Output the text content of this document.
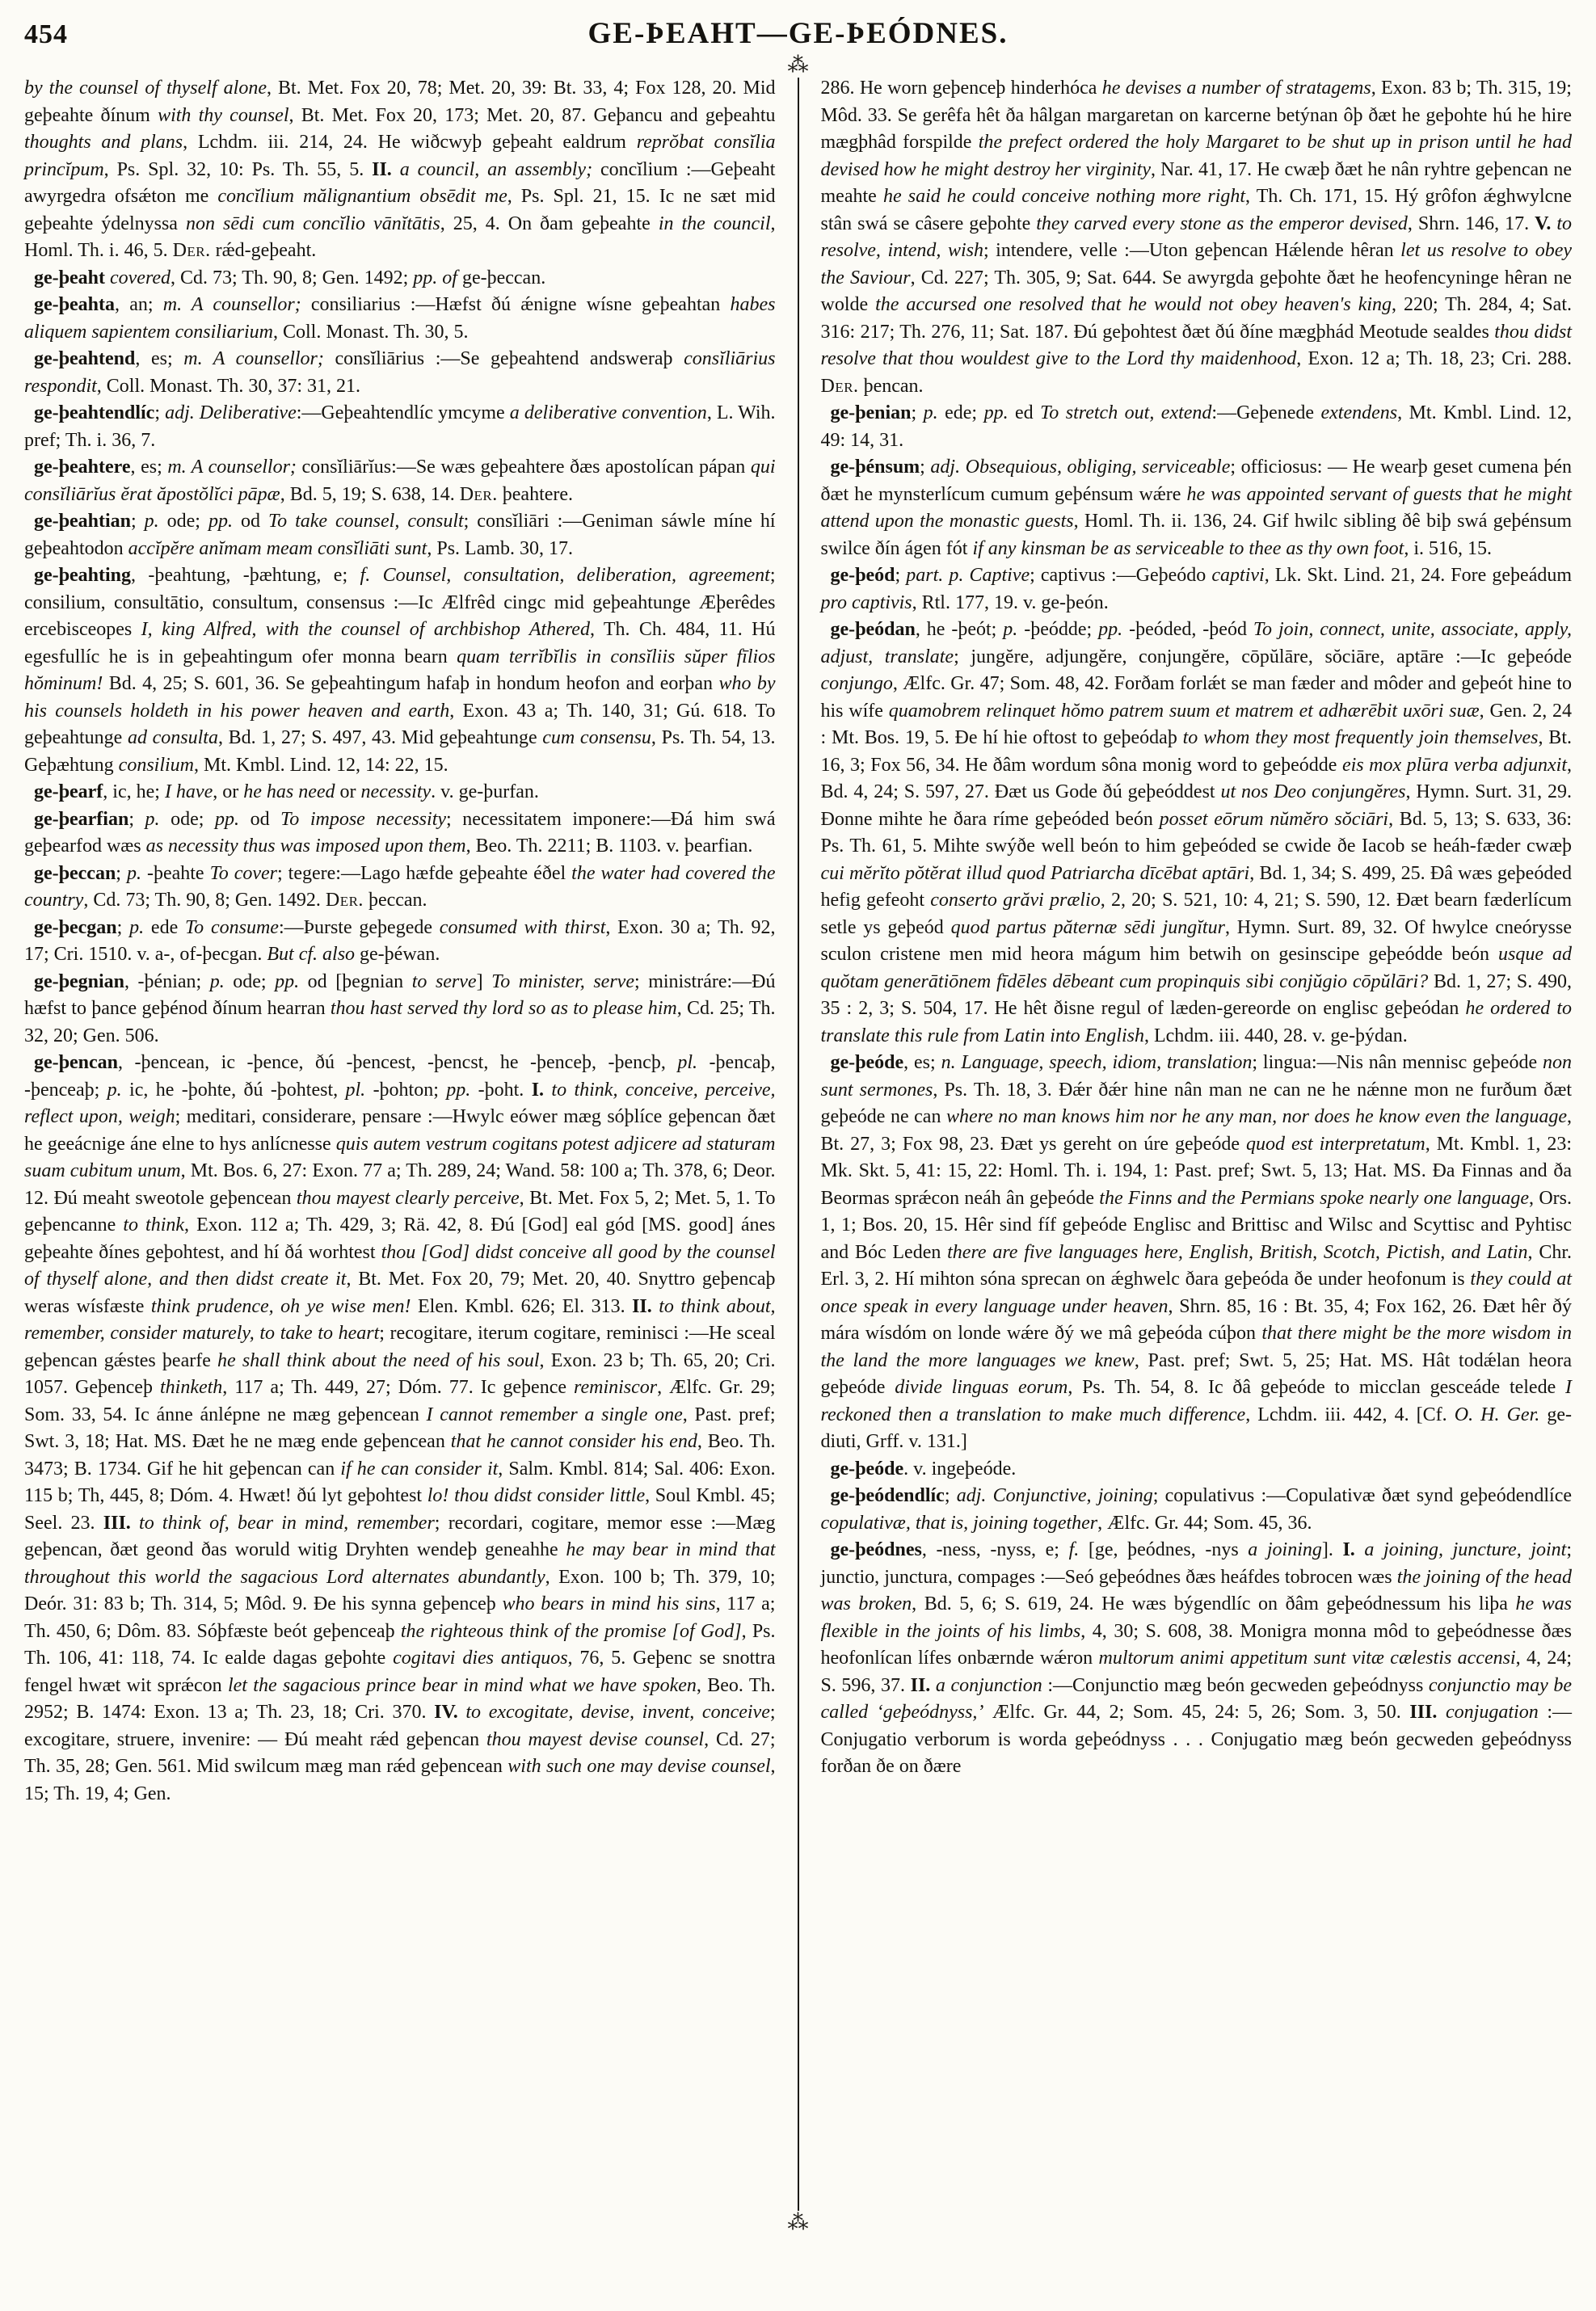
454	GE-ÞEAHT—GE-ÞEÓDNES.

by the counsel of thyself alone, Bt. Met. Fox 20, 78; Met. 20, 39: Bt. 33, 4; Fox 128, 20. Mid geþeahte ðínum with thy counsel, Bt. Met. Fox 20, 173; Met. 20, 87. Geþancu and geþeahtu thoughts and plans, Lchdm. iii. 214, 24. He wiðcwyþ geþeaht ealdrum reprŏbat consĭlia princĭpum, Ps. Spl. 32, 10: Ps. Th. 55, 5. II. a council, an assembly; concĭlium :—Geþeaht awyrgedra ofsǽton me concĭlium mălignantium obsēdit me, Ps. Spl. 21, 15. Ic ne sæt mid geþeahte ýdelnyssa non sēdi cum concĭlio vānĭtātis, 25, 4. On ðam geþeahte in the council, Homl. Th. i. 46, 5. Der. rǽd-geþeaht.

ge-þeaht covered, Cd. 73; Th. 90, 8; Gen. 1492; pp. of ge-þeccan.

ge-þeahta, an; m. A counsellor; consiliarius :—Hæfst ðú ǽnigne wísne geþeahtan habes aliquem sapientem consiliarium, Coll. Monast. Th. 30, 5.

ge-þeahtend, es; m. A counsellor; consĭliārius :—Se geþeahtend andsweraþ consĭliārius respondit, Coll. Monast. Th. 30, 37: 31, 21.

ge-þeahtendlíc; adj. Deliberative:—Geþeahtendlíc ymcyme a deliberative convention, L. Wih. pref; Th. i. 36, 7.

ge-þeahtere, es; m. A counsellor; consĭliārĭus:—Se wæs geþeahtere ðæs apostolícan pápan qui consĭliārĭus ĕrat ăpostŏlĭci pāpæ, Bd. 5, 19; S. 638, 14. Der. þeahtere.

ge-þeahtian; p. ode; pp. od To take counsel, consult; consĭliāri :—Geniman sáwle míne hí geþeahtodon accĭpĕre anĭmam meam consĭliāti sunt, Ps. Lamb. 30, 17.

ge-þeahting, -þeahtung, -þæhtung, e; f. Counsel, consultation, deliberation, agreement; consilium, consultātio, consultum, consensus :—Ic Ælfrêd cingc mid geþeahtunge Æþerêdes ercebisceopes I, king Alfred, with the counsel of archbishop Athered, Th. Ch. 484, 11. Hú egesfullíc he is in geþeahtingum ofer monna bearn quam terrĭbĭlis in consĭliis sŭper fīlios hŏminum! Bd. 4, 25; S. 601, 36. Se geþeahtingum hafaþ in hondum heofon and eorþan who by his counsels holdeth in his power heaven and earth, Exon. 43 a; Th. 140, 31; Gú. 618. To geþeahtunge ad consulta, Bd. 1, 27; S. 497, 43. Mid geþeahtunge cum consensu, Ps. Th. 54, 13. Geþæhtung consilium, Mt. Kmbl. Lind. 12, 14: 22, 15.

ge-þearf, ic, he; I have, or he has need or necessity. v. ge-þurfan.

ge-þearfian; p. ode; pp. od To impose necessity; necessitatem imponere:—Ðá him swá geþearfod wæs as necessity thus was imposed upon them, Beo. Th. 2211; B. 1103. v. þearfian.

ge-þeccan; p. -þeahte To cover; tegere:—Lago hæfde geþeahte éðel the water had covered the country, Cd. 73; Th. 90, 8; Gen. 1492. Der. þeccan.

ge-þecgan; p. ede To consume:—Þurste geþegede consumed with thirst, Exon. 30 a; Th. 92, 17; Cri. 1510. v. a-, of-þecgan. But cf. also ge-þéwan.

ge-þegnian, -þénian; p. ode; pp. od [þegnian to serve] To minister, serve; ministráre:—Ðú hæfst to þance geþénod ðínum hearran thou hast served thy lord so as to please him, Cd. 25; Th. 32, 20; Gen. 506.

ge-þencan, -þencean, ic -þence, ðú -þencest, -þencst, he -þenceþ, -þencþ, pl. -þencaþ, -þenceaþ; p. ic, he -þohte, ðú -þohtest, pl. -þohton; pp. -þoht. I. to think, conceive, perceive, reflect upon, weigh; meditari, considerare, pensare :—Hwylc eówer mæg sóþlíce geþencan ðæt he geeácnige áne elne to hys anlícnesse quis autem vestrum cogitans potest adjicere ad staturam suam cubitum unum, Mt. Bos. 6, 27: Exon. 77 a; Th. 289, 24; Wand. 58: 100 a; Th. 378, 6; Deor. 12. Ðú meaht sweotole geþencean thou mayest clearly perceive, Bt. Met. Fox 5, 2; Met. 5, 1. To geþencanne to think, Exon. 112 a; Th. 429, 3; Rä. 42, 8. Ðú [God] eal gód [MS. good] ánes geþeahte ðínes geþohtest, and hí ðá worhtest thou [God] didst conceive all good by the counsel of thyself alone, and then didst create it, Bt. Met. Fox 20, 79; Met. 20, 40. Snyttro geþencaþ weras wísfæste think prudence, oh ye wise men! Elen. Kmbl. 626; El. 313. II. to think about, remember, consider maturely, to take to heart; recogitare, iterum cogitare, reminisci :—He sceal geþencan gǽstes þearfe he shall think about the need of his soul, Exon. 23 b; Th. 65, 20; Cri. 1057. Geþenceþ thinketh, 117 a; Th. 449, 27; Dóm. 77. Ic geþence reminiscor, Ælfc. Gr. 29; Som. 33, 54. Ic ánne ánlépne ne mæg geþencean I cannot remember a single one, Past. pref; Swt. 3, 18; Hat. MS. Ðæt he ne mæg ende geþencean that he cannot consider his end, Beo. Th. 3473; B. 1734. Gif he hit geþencan can if he can consider it, Salm. Kmbl. 814; Sal. 406: Exon. 115 b; Th, 445, 8; Dóm. 4. Hwæt! ðú lyt geþohtest lo! thou didst consider little, Soul Kmbl. 45; Seel. 23. III. to think of, bear in mind, remember; recordari, cogitare, memor esse :—Mæg geþencan, ðæt geond ðas woruld witig Dryhten wendeþ geneahhe he may bear in mind that throughout this world the sagacious Lord alternates abundantly, Exon. 100 b; Th. 379, 10; Deór. 31: 83 b; Th. 314, 5; Môd. 9. Ðe his synna geþenceþ who bears in mind his sins, 117 a; Th. 450, 6; Dôm. 83. Sóþfæste beót geþenceaþ the righteous think of the promise [of God], Ps. Th. 106, 41: 118, 74. Ic ealde dagas geþohte cogitavi dies antiquos, 76, 5. Geþenc se snottra fengel hwæt wit sprǽcon let the sagacious prince bear in mind what we have spoken, Beo. Th. 2952; B. 1474: Exon. 13 a; Th. 23, 18; Cri. 370. IV. to excogitate, devise, invent, conceive; excogitare, struere, invenire: — Ðú meaht rǽd geþencan thou mayest devise counsel, Cd. 27; Th. 35, 28; Gen. 561. Mid swilcum mæg man rǽd geþencean with such one may devise counsel, 15; Th. 19, 4; Gen.

286. He worn geþenceþ hinderhóca he devises a number of stratagems, Exon. 83 b; Th. 315, 19; Môd. 33. Se gerêfa hêt ða hâlgan margaretan on karcerne betýnan ôþ ðæt he geþohte hú he hire mægþhâd forspilde the prefect ordered the holy Margaret to be shut up in prison until he had devised how he might destroy her virginity, Nar. 41, 17. He cwæþ ðæt he nân ryhtre geþencan ne meahte he said he could conceive nothing more right, Th. Ch. 171, 15. Hý grôfon ǽghwylcne stân swá se câsere geþohte they carved every stone as the emperor devised, Shrn. 146, 17. V. to resolve, intend, wish; intendere, velle :—Uton geþencan Hǽlende hêran let us resolve to obey the Saviour, Cd. 227; Th. 305, 9; Sat. 644. Se awyrgda geþohte ðæt he heofencyninge hêran ne wolde the accursed one resolved that he would not obey heaven's king, 220; Th. 284, 4; Sat. 316: 217; Th. 276, 11; Sat. 187. Ðú geþohtest ðæt ðú ðíne mægþhád Meotude sealdes thou didst resolve that thou wouldest give to the Lord thy maidenhood, Exon. 12 a; Th. 18, 23; Cri. 288. Der. þencan.

ge-þenian; p. ede; pp. ed To stretch out, extend:—Geþenede extendens, Mt. Kmbl. Lind. 12, 49: 14, 31.

ge-þénsum; adj. Obsequious, obliging, serviceable; officiosus: — He wearþ geset cumena þén ðæt he mynsterlícum cumum geþénsum wǽre he was appointed servant of guests that he might attend upon the monastic guests, Homl. Th. ii. 136, 24. Gif hwilc sibling ðê biþ swá geþénsum swilce ðín ágen fót if any kinsman be as serviceable to thee as thy own foot, i. 516, 15.

ge-þeód; part. p. Captive; captivus :—Geþeódo captivi, Lk. Skt. Lind. 21, 24. Fore geþeádum pro captivis, Rtl. 177, 19. v. ge-þeón.

ge-þeódan, he -þeót; p. -þeódde; pp. -þeóded, -þeód To join, connect, unite, associate, apply, adjust, translate; jungĕre, adjungĕre, conjungĕre, cōpŭlāre, sŏciāre, aptāre :—Ic geþeóde conjungo, Ælfc. Gr. 47; Som. 48, 42. Forðam forlǽt se man fæder and môder and geþeót hine to his wífe quamobrem relinquet hŏmo patrem suum et matrem et adhærēbit uxōri suæ, Gen. 2, 24 : Mt. Bos. 19, 5. Ðe hí hie oftost to geþeódaþ to whom they most frequently join themselves, Bt. 16, 3; Fox 56, 34. He ðâm wordum sôna monig word to geþeódde eis mox plūra verba adjunxit, Bd. 4, 24; S. 597, 27. Ðæt us Gode ðú geþeóddest ut nos Deo conjungĕres, Hymn. Surt. 31, 29. Ðonne mihte he ðara ríme geþeóded beón posset eōrum nŭmĕro sŏciāri, Bd. 5, 13; S. 633, 36: Ps. Th. 61, 5. Mihte swýðe well beón to him geþeóded se cwide ðe Iacob se heáh-fæder cwæþ cui mĕrĭto pŏtĕrat illud quod Patriarcha dīcēbat aptāri, Bd. 1, 34; S. 499, 25. Ðâ wæs geþeóded hefig gefeoht conserto grăvi prælio, 2, 20; S. 521, 10: 4, 21; S. 590, 12. Ðæt bearn fæderlícum setle ys geþeód quod partus păternæ sēdi jungĭtur, Hymn. Surt. 89, 32. Of hwylce cneórysse sculon cristene men mid heora mágum him betwih on gesinscipe geþeódde beón usque ad quŏtam generātiōnem fīdēles dēbeant cum propinquis sibi conjŭgio cōpŭlāri? Bd. 1, 27; S. 490, 35 : 2, 3; S. 504, 17. He hêt ðisne regul of læden-gereorde on englisc geþeódan he ordered to translate this rule from Latin into English, Lchdm. iii. 440, 28. v. ge-þýdan.

ge-þeóde, es; n. Language, speech, idiom, translation; lingua:—Nis nân mennisc geþeóde non sunt sermones, Ps. Th. 18, 3. Ðǽr ðǽr hine nân man ne can ne he nǽnne mon ne furðum ðæt geþeóde ne can where no man knows him nor he any man, nor does he know even the language, Bt. 27, 3; Fox 98, 23. Ðæt ys gereht on úre geþeóde quod est interpretatum, Mt. Kmbl. 1, 23: Mk. Skt. 5, 41: 15, 22: Homl. Th. i. 194, 1: Past. pref; Swt. 5, 13; Hat. MS. Ða Finnas and ða Beormas sprǽcon neáh ân geþeóde the Finns and the Permians spoke nearly one language, Ors. 1, 1; Bos. 20, 15. Hêr sind fíf geþeóde Englisc and Brittisc and Wilsc and Scyttisc and Pyhtisc and Bóc Leden there are five languages here, English, British, Scotch, Pictish, and Latin, Chr. Erl. 3, 2. Hí mihton sóna sprecan on ǽghwelc ðara geþeóda ðe under heofonum is they could at once speak in every language under heaven, Shrn. 85, 16 : Bt. 35, 4; Fox 162, 26. Ðæt hêr ðý mára wísdóm on londe wǽre ðý we mâ geþeóda cúþon that there might be the more wisdom in the land the more languages we knew, Past. pref; Swt. 5, 25; Hat. MS. Hât todǽlan heora geþeóde divide linguas eorum, Ps. Th. 54, 8. Ic ðâ geþeóde to micclan gesceáde telede I reckoned then a translation to make much difference, Lchdm. iii. 442, 4. [Cf. O. H. Ger. ge-diuti, Grff. v. 131.]

ge-þeóde. v. ingeþeóde.

ge-þeódendlíc; adj. Conjunctive, joining; copulativus :—Copulativæ ðæt synd geþeódendlíce copulativæ, that is, joining together, Ælfc. Gr. 44; Som. 45, 36.

ge-þeódnes, -ness, -nyss, e; f. [ge, þeódnes, -nys a joining]. I. a joining, juncture, joint; junctio, junctura, compages :—Seó geþeódnes ðæs heáfdes tobrocen wæs the joining of the head was broken, Bd. 5, 6; S. 619, 24. He wæs býgendlíc on ðâm geþeódnessum his liþa he was flexible in the joints of his limbs, 4, 30; S. 608, 38. Monigra monna môd to geþeódnesse ðæs heofonlícan lífes onbærnde wǽron multorum animi appetitum sunt vitæ cælestis accensi, 4, 24; S. 596, 37. II. a conjunction :—Conjunctio mæg beón gecweden geþeódnyss conjunctio may be called ‘geþeódnyss,’ Ælfc. Gr. 44, 2; Som. 45, 24: 5, 26; Som. 3, 50. III. conjugation :—Conjugatio verborum is worda geþeódnyss . . . Conjugatio mæg beón gecweden geþeódnyss forðan ðe on ðære

⁂
⁂
